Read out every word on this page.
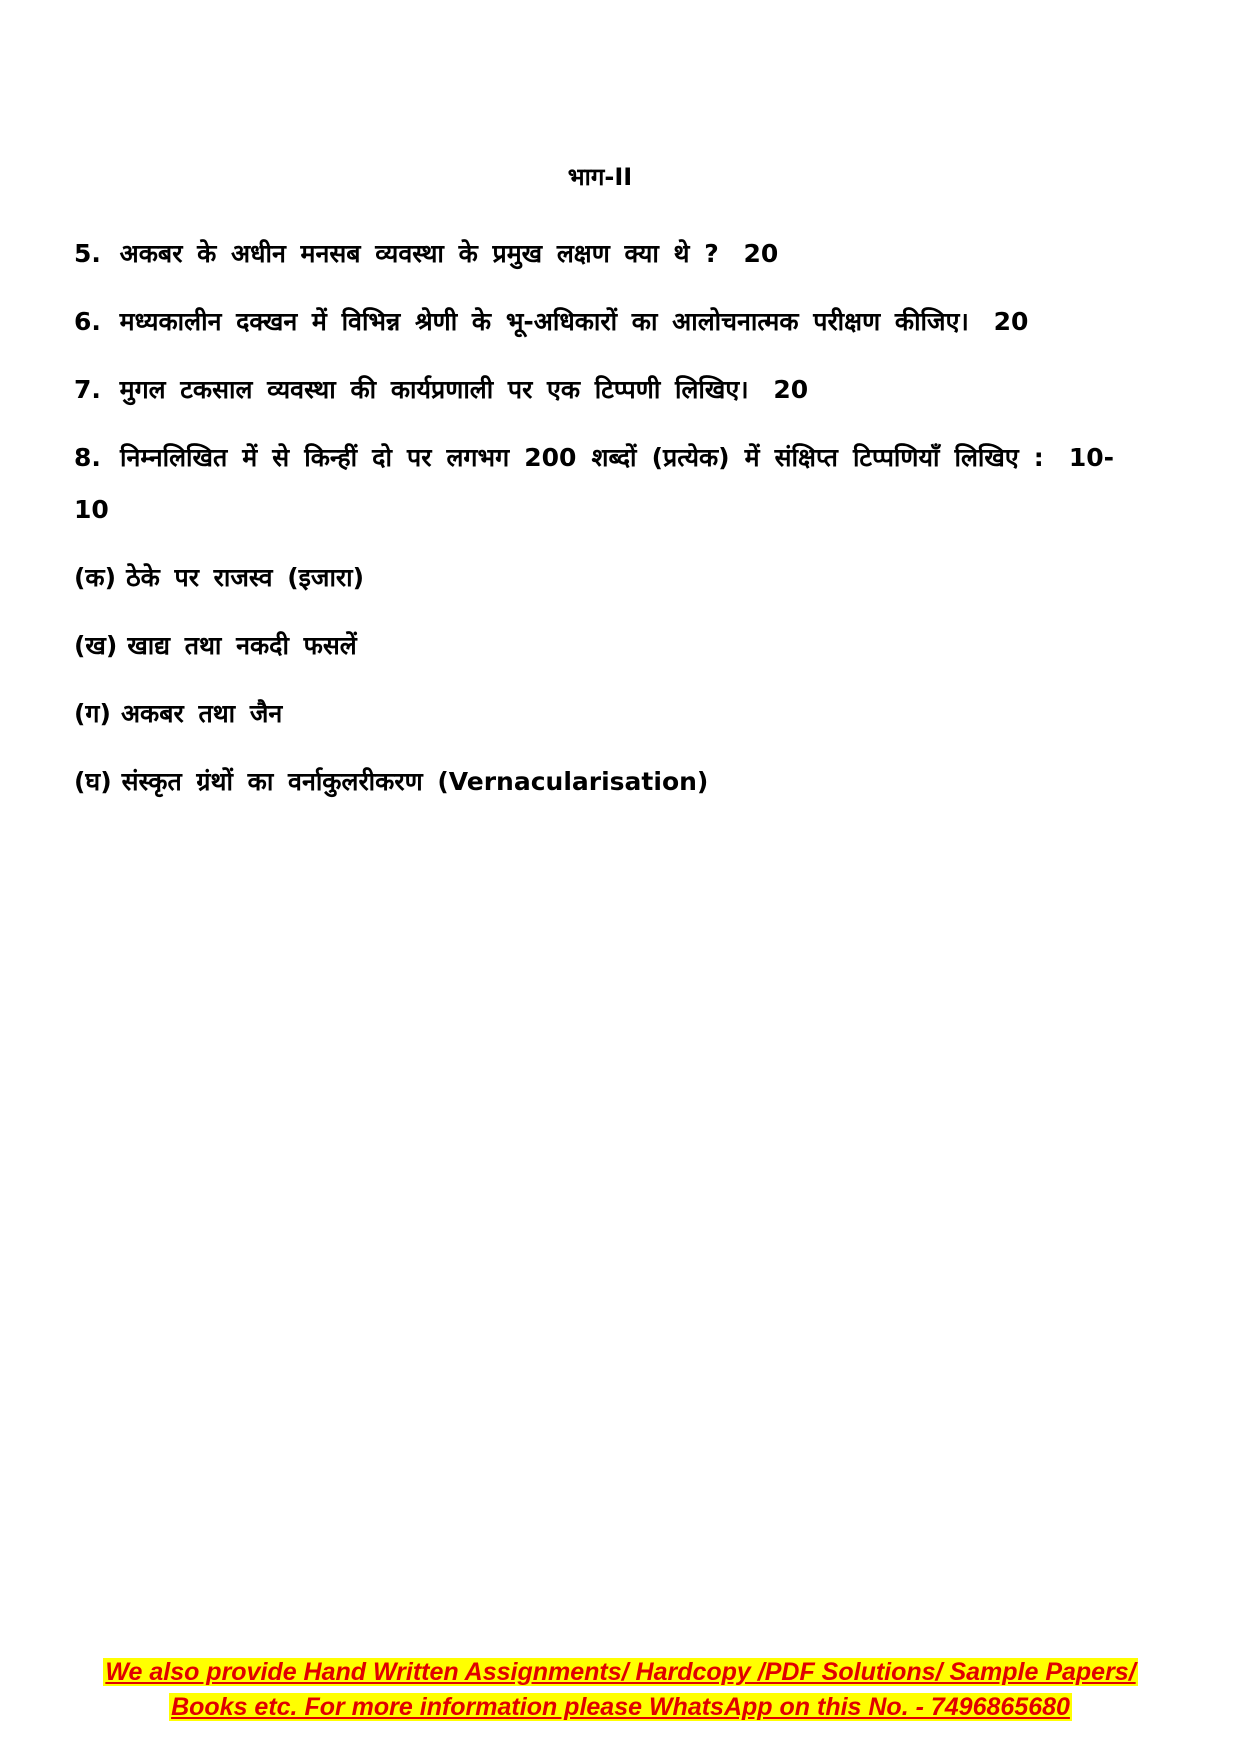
भाग-II

5. अकबर के अधीन मनसब व्यवस्था के प्रमुख लक्षण क्या थे ? 20

6. मध्यकालीन दक्खन में विभिन्न श्रेणी के भू-अधिकारों का आलोचनात्मक परीक्षण कीजिए। 20

7. मुगल टकसाल व्यवस्था की कार्यप्रणाली पर एक टिप्पणी लिखिए। 20

8. निम्नलिखित में से किन्हीं दो पर लगभग 200 शब्दों (प्रत्येक) में संक्षिप्त टिप्पणियाँ लिखिए : 10-10

(क) ठेके पर राजस्व (इजारा)

(ख) खाद्य तथा नकदी फसलें

(ग) अकबर तथा जैन

(घ) संस्कृत ग्रंथों का वर्नाकुलरीकरण (Vernacularisation)

We also provide Hand Written Assignments/ Hardcopy /PDF Solutions/ Sample Papers/
Books etc. For more information please WhatsApp on this No. - 7496865680
